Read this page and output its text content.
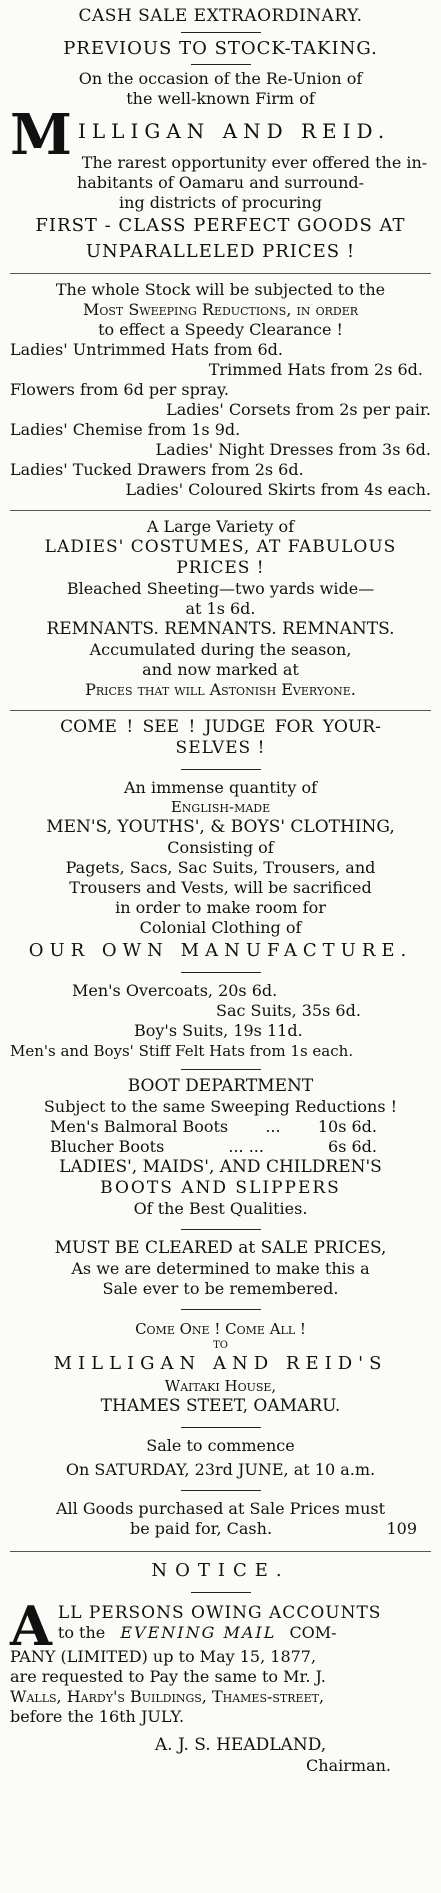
CASH SALE EXTRAORDINARY.
PREVIOUS TO STOCK-TAKING.
On the occasion of the Re-Union of
the well-known Firm of
M ILLIGAN AND REID.
The rarest opportunity ever offered the in-
habitants of Oamaru and surround-
ing districts of procuring
FIRST - CLASS PERFECT GOODS AT
UNPARALLELED PRICES !
The whole Stock will be subjected to the
Most Sweeping Reductions, in order
to effect a Speedy Clearance !
Ladies' Untrimmed Hats from 6d.
Trimmed Hats from 2s 6d.
Flowers from 6d per spray.
Ladies' Corsets from 2s per pair.
Ladies' Chemise from 1s 9d.
Ladies' Night Dresses from 3s 6d.
Ladies' Tucked Drawers from 2s 6d.
Ladies' Coloured Skirts from 4s each.
A Large Variety of
LADIES' COSTUMES, AT FABULOUS
PRICES !
Bleached Sheeting—two yards wide—
at 1s 6d.
REMNANTS. REMNANTS. REMNANTS.
Accumulated during the season,
and now marked at
Prices that will Astonish Everyone.
COME ! SEE ! JUDGE FOR YOUR-
SELVES !
An immense quantity of
English-made
MEN'S, YOUTHS', & BOYS' CLOTHING,
Consisting of
Pagets, Sacs, Sac Suits, Trousers, and
Trousers and Vests, will be sacrificed
in order to make room for
Colonial Clothing of
OUR OWN MANUFACTURE.
Men's Overcoats, 20s 6d.
Sac Suits, 35s 6d.
Boy's Suits, 19s 11d.
Men's and Boys' Stiff Felt Hats from 1s each.
BOOT DEPARTMENT
Subject to the same Sweeping Reductions !
Men's Balmoral Boots ... 10s 6d.
Blucher Boots	... ...	6s 6d.
LADIES', MAIDS', AND CHILDREN'S
BOOTS AND SLIPPERS
Of the Best Qualities.
MUST BE CLEARED at SALE PRICES,
As we are determined to make this a
Sale ever to be remembered.
Come One ! Come All !
TO
MILLIGAN AND REID'S
Waitaki House,
THAMES STEET, OAMARU.
Sale to commence
On SATURDAY, 23rd JUNE, at 10 a.m.
All Goods purchased at Sale Prices must
be paid for, Cash.	109
NOTICE.
A LL PERSONS OWING ACCOUNTS
to the EVENING MAIL COM-
PANY (LIMITED) up to May 15, 1877,
are requested to Pay the same to Mr. J.
Walls, Hardy's Buildings, Thames-street,
before the 16th JULY.
A. J. S. HEADLAND,
Chairman.
